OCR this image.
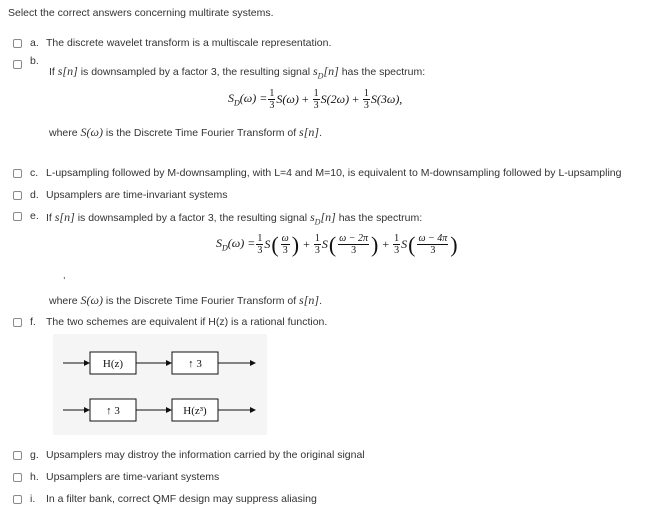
Select the correct answers concerning multirate systems.
a. The discrete wavelet transform is a multiscale representation.
b.
If s[n] is downsampled by a factor 3, the resulting signal $s_D[n]$ has the spectrum:
$S_D(\omega) = \frac{1}{3} S(\omega) + \frac{1}{3} S(2\omega) + \frac{1}{3} S(3\omega)$,
where S(ω) is the Discrete Time Fourier Transform of s[n].
c. L-upsampling followed by M-downsampling, with L=4 and M=10, is equivalent to M-downsampling followed by L-upsampling
d. Upsamplers are time-invariant systems
e. If s[n] is downsampled by a factor 3, the resulting signal $s_D[n]$ has the spectrum:
$S_D(\omega) = \frac{1}{3}$ S ( $\frac{\omega}{3}$ ) + $\frac{1}{3}$ S ( $\frac{\omega - 2\pi}{3}$ ) + $\frac{1}{3}$ S ( $\frac{\omega - 4\pi}{3}$ )
,
where S(ω) is the Discrete Time Fourier Transform of s[n].
f. The two schemes are equivalent if H(z) is a rational function.
H(z)	↑ 3
↑ 3	H(z³)
g. Upsamplers may distroy the information carried by the original signal
h. Upsamplers are time-variant systems
i.	In a filter bank, correct QMF design may suppress aliasing
